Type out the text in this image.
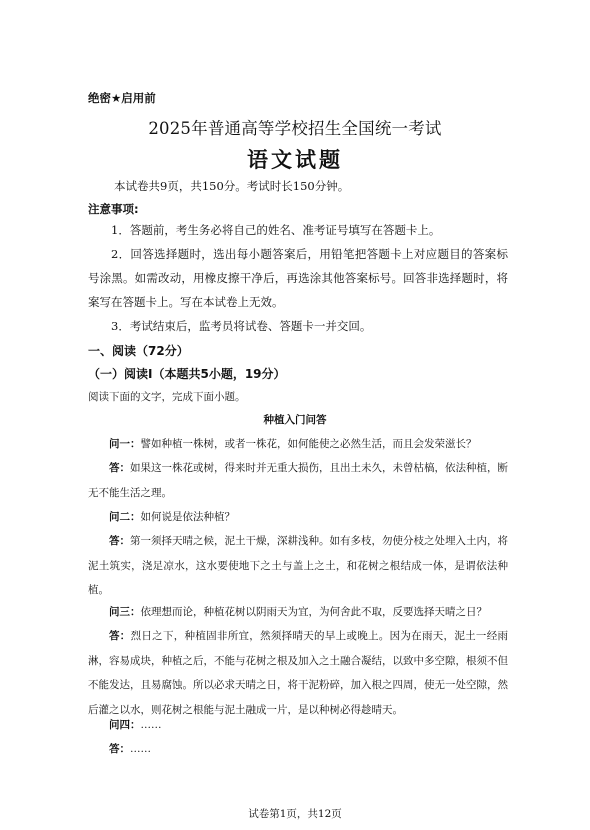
绝密★启用前
2025年普通高等学校招生全国统一考试
语文试题
本试卷共9页，共150分。考试时长150分钟。
注意事项:
1．答题前，考生务必将自己的姓名、准考证号填写在答题卡上。
2．回答选择题时，选出每小题答案后，用铅笔把答题卡上对应题目的答案标号涂黑。如需改动，用橡皮擦干净后，再选涂其他答案标号。回答非选择题时，将案写在答题卡上。写在本试卷上无效。
3．考试结束后，监考员将试卷、答题卡一并交回。
一、阅读（72分）
（一）阅读Ⅰ（本题共5小题，19分）
阅读下面的文字，完成下面小题。
种植入门问答
问一：譬如种植一株树，或者一株花，如何能使之必然生活，而且会发荣滋长？
答：如果这一株花或树，得来时并无重大损伤，且出土未久，未曾枯槁，依法种植，断无不能生活之理。
问二：如何说是依法种植？
答：第一须择天晴之候，泥土干燥，深耕浅种。如有多枝，勿使分枝之处埋入土内，将泥土筑实，浇足凉水，这水要使地下之土与盖上之土，和花树之根结成一体，是谓依法种植。
问三：依理想而论，种植花树以阴雨天为宜，为何舍此不取，反要选择天晴之日？
答：烈日之下，种植固非所宜，然须择晴天的早上或晚上。因为在雨天，泥土一经雨淋，容易成块，种植之后，不能与花树之根及加入之土融合凝结，以致中多空隙，根须不但不能发达，且易腐蚀。所以必求天晴之日，将干泥粉碎，加入根之四周，使无一处空隙，然后灌之以水，则花树之根能与泥土融成一片，是以种树必得趁晴天。
问四：……
答：……
试卷第1页，共12页
